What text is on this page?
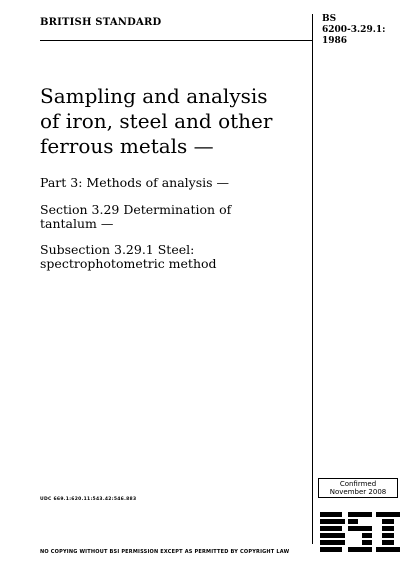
BRITISH STANDARD	BS
6200-3.29.1:
1986
Sampling and analysis
of iron, steel and other
ferrous metals —
Part 3: Methods of analysis —
Section 3.29 Determination of
tantalum —
Subsection 3.29.1 Steel:
spectrophotometric method
Confirmed
November 2008
UDC 669.1:620.11:543.42:546.883
NO COPYING WITHOUT BSI PERMISSION EXCEPT AS PERMITTED BY COPYRIGHT LAW
